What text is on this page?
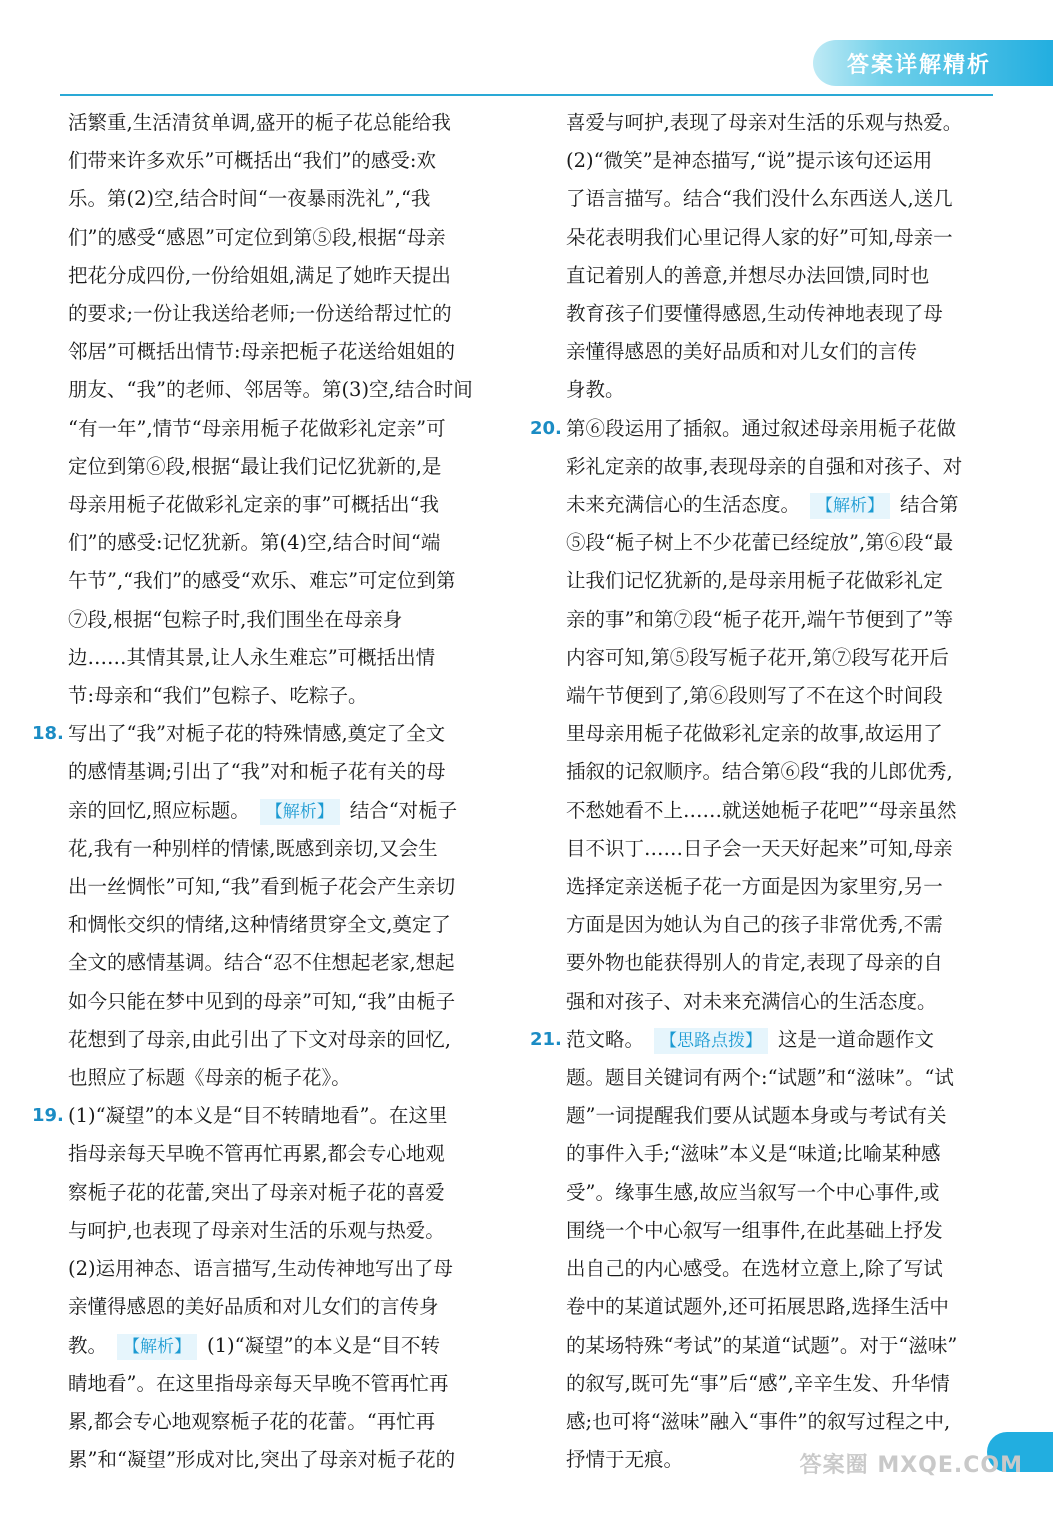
答案详解精析

活繁重,生活清贫单调,盛开的栀子花总能给我

们带来许多欢乐”可概括出“我们”的感受:欢

乐。第(2)空,结合时间“一夜暴雨洗礼”,“我

们”的感受“感恩”可定位到第⑤段,根据“母亲

把花分成四份,一份给姐姐,满足了她昨天提出

的要求;一份让我送给老师;一份送给帮过忙的

邻居”可概括出情节:母亲把栀子花送给姐姐的

朋友、“我”的老师、邻居等。第(3)空,结合时间

“有一年”,情节“母亲用栀子花做彩礼定亲”可

定位到第⑥段,根据“最让我们记忆犹新的,是

母亲用栀子花做彩礼定亲的事”可概括出“我

们”的感受:记忆犹新。第(4)空,结合时间“端

午节”,“我们”的感受“欢乐、难忘”可定位到第

⑦段,根据“包粽子时,我们围坐在母亲身

边……其情其景,让人永生难忘”可概括出情

节:母亲和“我们”包粽子、吃粽子。

18. 写出了“我”对栀子花的特殊情感,奠定了全文

的感情基调;引出了“我”对和栀子花有关的母

亲的回忆,照应标题。 【解析】 结合“对栀子

花,我有一种别样的情愫,既感到亲切,又会生

出一丝惆怅”可知,“我”看到栀子花会产生亲切

和惆怅交织的情绪,这种情绪贯穿全文,奠定了

全文的感情基调。结合“忍不住想起老家,想起

如今只能在梦中见到的母亲”可知,“我”由栀子

花想到了母亲,由此引出了下文对母亲的回忆,

也照应了标题《母亲的栀子花》。

19. (1)“凝望”的本义是“目不转睛地看”。在这里

指母亲每天早晚不管再忙再累,都会专心地观

察栀子花的花蕾,突出了母亲对栀子花的喜爱

与呵护,也表现了母亲对生活的乐观与热爱。

(2)运用神态、语言描写,生动传神地写出了母

亲懂得感恩的美好品质和对儿女们的言传身

教。 【解析】 (1)“凝望”的本义是“目不转

睛地看”。在这里指母亲每天早晚不管再忙再

累,都会专心地观察栀子花的花蕾。“再忙再

累”和“凝望”形成对比,突出了母亲对栀子花的

喜爱与呵护,表现了母亲对生活的乐观与热爱。

(2)“微笑”是神态描写,“说”提示该句还运用

了语言描写。结合“我们没什么东西送人,送几

朵花表明我们心里记得人家的好”可知,母亲一

直记着别人的善意,并想尽办法回馈,同时也

教育孩子们要懂得感恩,生动传神地表现了母

亲懂得感恩的美好品质和对儿女们的言传

身教。

20. 第⑥段运用了插叙。通过叙述母亲用栀子花做

彩礼定亲的故事,表现母亲的自强和对孩子、对

未来充满信心的生活态度。 【解析】 结合第

⑤段“栀子树上不少花蕾已经绽放”,第⑥段“最

让我们记忆犹新的,是母亲用栀子花做彩礼定

亲的事”和第⑦段“栀子花开,端午节便到了”等

内容可知,第⑤段写栀子花开,第⑦段写花开后

端午节便到了,第⑥段则写了不在这个时间段

里母亲用栀子花做彩礼定亲的故事,故运用了

插叙的记叙顺序。结合第⑥段“我的儿郎优秀,

不愁她看不上……就送她栀子花吧”“母亲虽然

目不识丁……日子会一天天好起来”可知,母亲

选择定亲送栀子花一方面是因为家里穷,另一

方面是因为她认为自己的孩子非常优秀,不需

要外物也能获得别人的肯定,表现了母亲的自

强和对孩子、对未来充满信心的生活态度。

21. 范文略。 【思路点拨】 这是一道命题作文

题。题目关键词有两个:“试题”和“滋味”。“试

题”一词提醒我们要从试题本身或与考试有关

的事件入手;“滋味”本义是“味道;比喻某种感

受”。缘事生感,故应当叙写一个中心事件,或

围绕一个中心叙写一组事件,在此基础上抒发

出自己的内心感受。在选材立意上,除了写试

卷中的某道试题外,还可拓展思路,选择生活中

的某场特殊“考试”的某道“试题”。对于“滋味”

的叙写,既可先“事”后“感”,辛辛生发、升华情

感;也可将“滋味”融入“事件”的叙写过程之中,

抒情于无痕。	答案圈 MXQE.COM
